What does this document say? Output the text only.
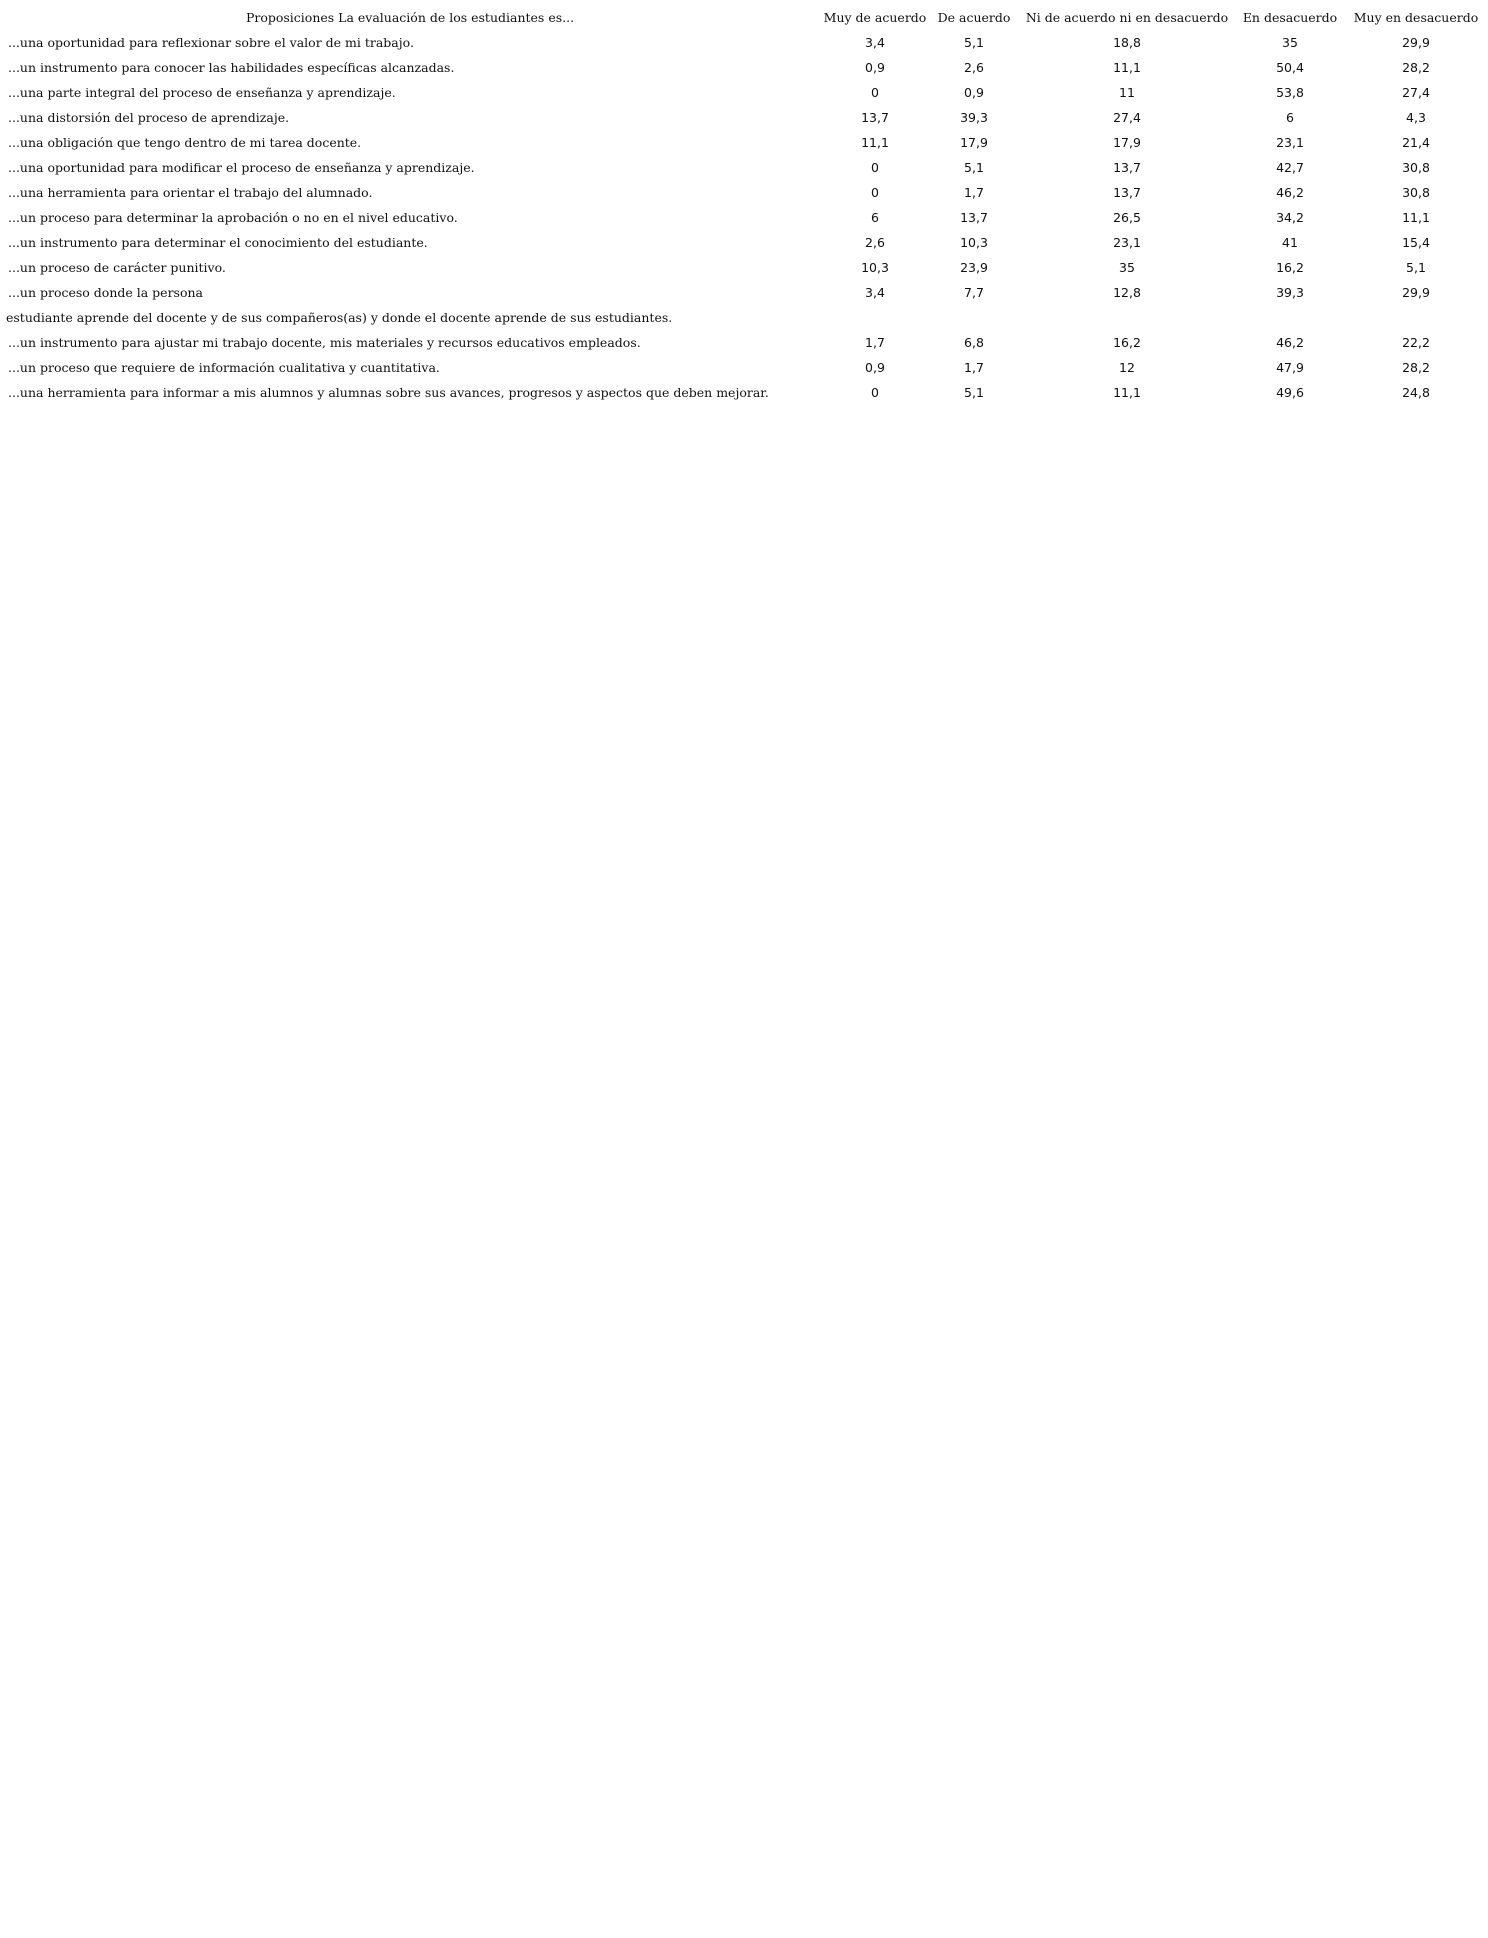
Proposiciones La evaluación de los estudiantes es...	Muy de acuerdo	De acuerdo	Ni de acuerdo ni en desacuerdo	En desacuerdo	Muy en desacuerdo
...una oportunidad para reflexionar sobre el valor de mi trabajo.	3,4	5,1	18,8	35	29,9
...un instrumento para conocer las habilidades específicas alcanzadas.	0,9	2,6	11,1	50,4	28,2
...una parte integral del proceso de enseñanza y aprendizaje.	0	0,9	11	53,8	27,4
...una distorsión del proceso de aprendizaje.	13,7	39,3	27,4	6	4,3
...una obligación que tengo dentro de mi tarea docente.	11,1	17,9	17,9	23,1	21,4
...una oportunidad para modificar el proceso de enseñanza y aprendizaje.	0	5,1	13,7	42,7	30,8
...una herramienta para orientar el trabajo del alumnado.	0	1,7	13,7	46,2	30,8
...un proceso para determinar la aprobación o no en el nivel educativo.	6	13,7	26,5	34,2	11,1
...un instrumento para determinar el conocimiento del estudiante.	2,6	10,3	23,1	41	15,4
...un proceso de carácter punitivo.	10,3	23,9	35	16,2	5,1
...un proceso donde la persona	3,4	7,7	12,8	39,3	29,9
estudiante aprende del docente y de sus compañeros(as) y donde el docente aprende de sus estudiantes.					
...un instrumento para ajustar mi trabajo docente, mis materiales y recursos educativos empleados.	1,7	6,8	16,2	46,2	22,2
...un proceso que requiere de información cualitativa y cuantitativa.	0,9	1,7	12	47,9	28,2
...una herramienta para informar a mis alumnos y alumnas sobre sus avances, progresos y aspectos que deben mejorar.	0	5,1	11,1	49,6	24,8
